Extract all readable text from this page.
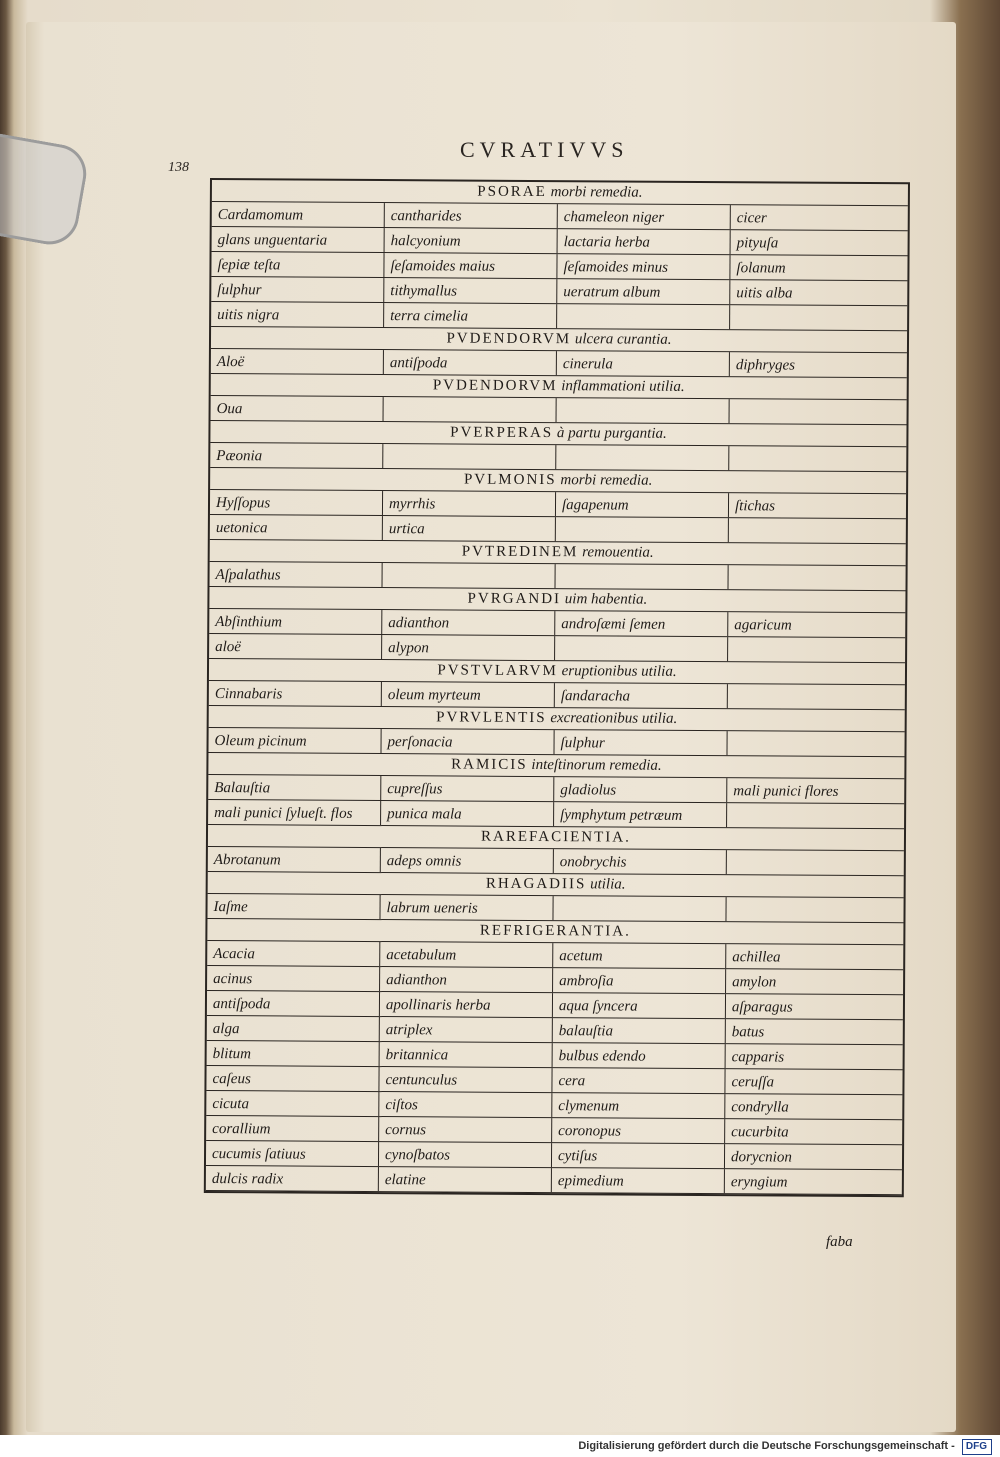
138
CVRATIVVS
PSORAE morbi remedia.
Cardamomum	cantharides	chameleon niger	cicer
glans unguentaria	halcyonium	lactaria herba	pityuſa
ſepiæ teſta	ſeſamoides maius	ſeſamoides minus	ſolanum
ſulphur	tithymallus	ueratrum album	uitis alba
uitis nigra	terra cimelia
PVDENDORVM ulcera curantia.
Aloë	antiſpoda	cinerula	diphryges
PVDENDORVM inflammationi utilia.
Oua
PVERPERAS à partu purgantia.
Pæonia
PVLMONIS morbi remedia.
Hyſſopus	myrrhis	ſagapenum	ſtichas
uetonica	urtica
PVTREDINEM remouentia.
Aſpalathus
PVRGANDI uim habentia.
Abſinthium	adianthon	androſæmi ſemen	agaricum
aloë	alypon
PVSTVLARVM eruptionibus utilia.
Cinnabaris	oleum myrteum	ſandaracha
PVRVLENTIS excreationibus utilia.
Oleum picinum	perſonacia	ſulphur
RAMICIS inteſtinorum remedia.
Balauſtia	cupreſſus	gladiolus	mali punici flores
mali punici ſylueſt. flos	punica mala	ſymphytum petræum
RAREFACIENTIA.
Abrotanum	adeps omnis	onobrychis
RHAGADIIS utilia.
Iaſme	labrum ueneris
REFRIGERANTIA.
Acacia	acetabulum	acetum	achillea
acinus	adianthon	ambroſia	amylon
antiſpoda	apollinaris herba	aqua ſyncera	aſparagus
alga	atriplex	balauſtia	batus
blitum	britannica	bulbus edendo	capparis
caſeus	centunculus	cera	ceruſſa
cicuta	ciſtos	clymenum	condrylla
corallium	cornus	coronopus	cucurbita
cucumis ſatiuus	cynoſbatos	cytiſus	dorycnion
dulcis radix	elatine	epimedium	eryngium
faba
Digitalisierung gefördert durch die Deutsche Forschungsgemeinschaft - DFG
